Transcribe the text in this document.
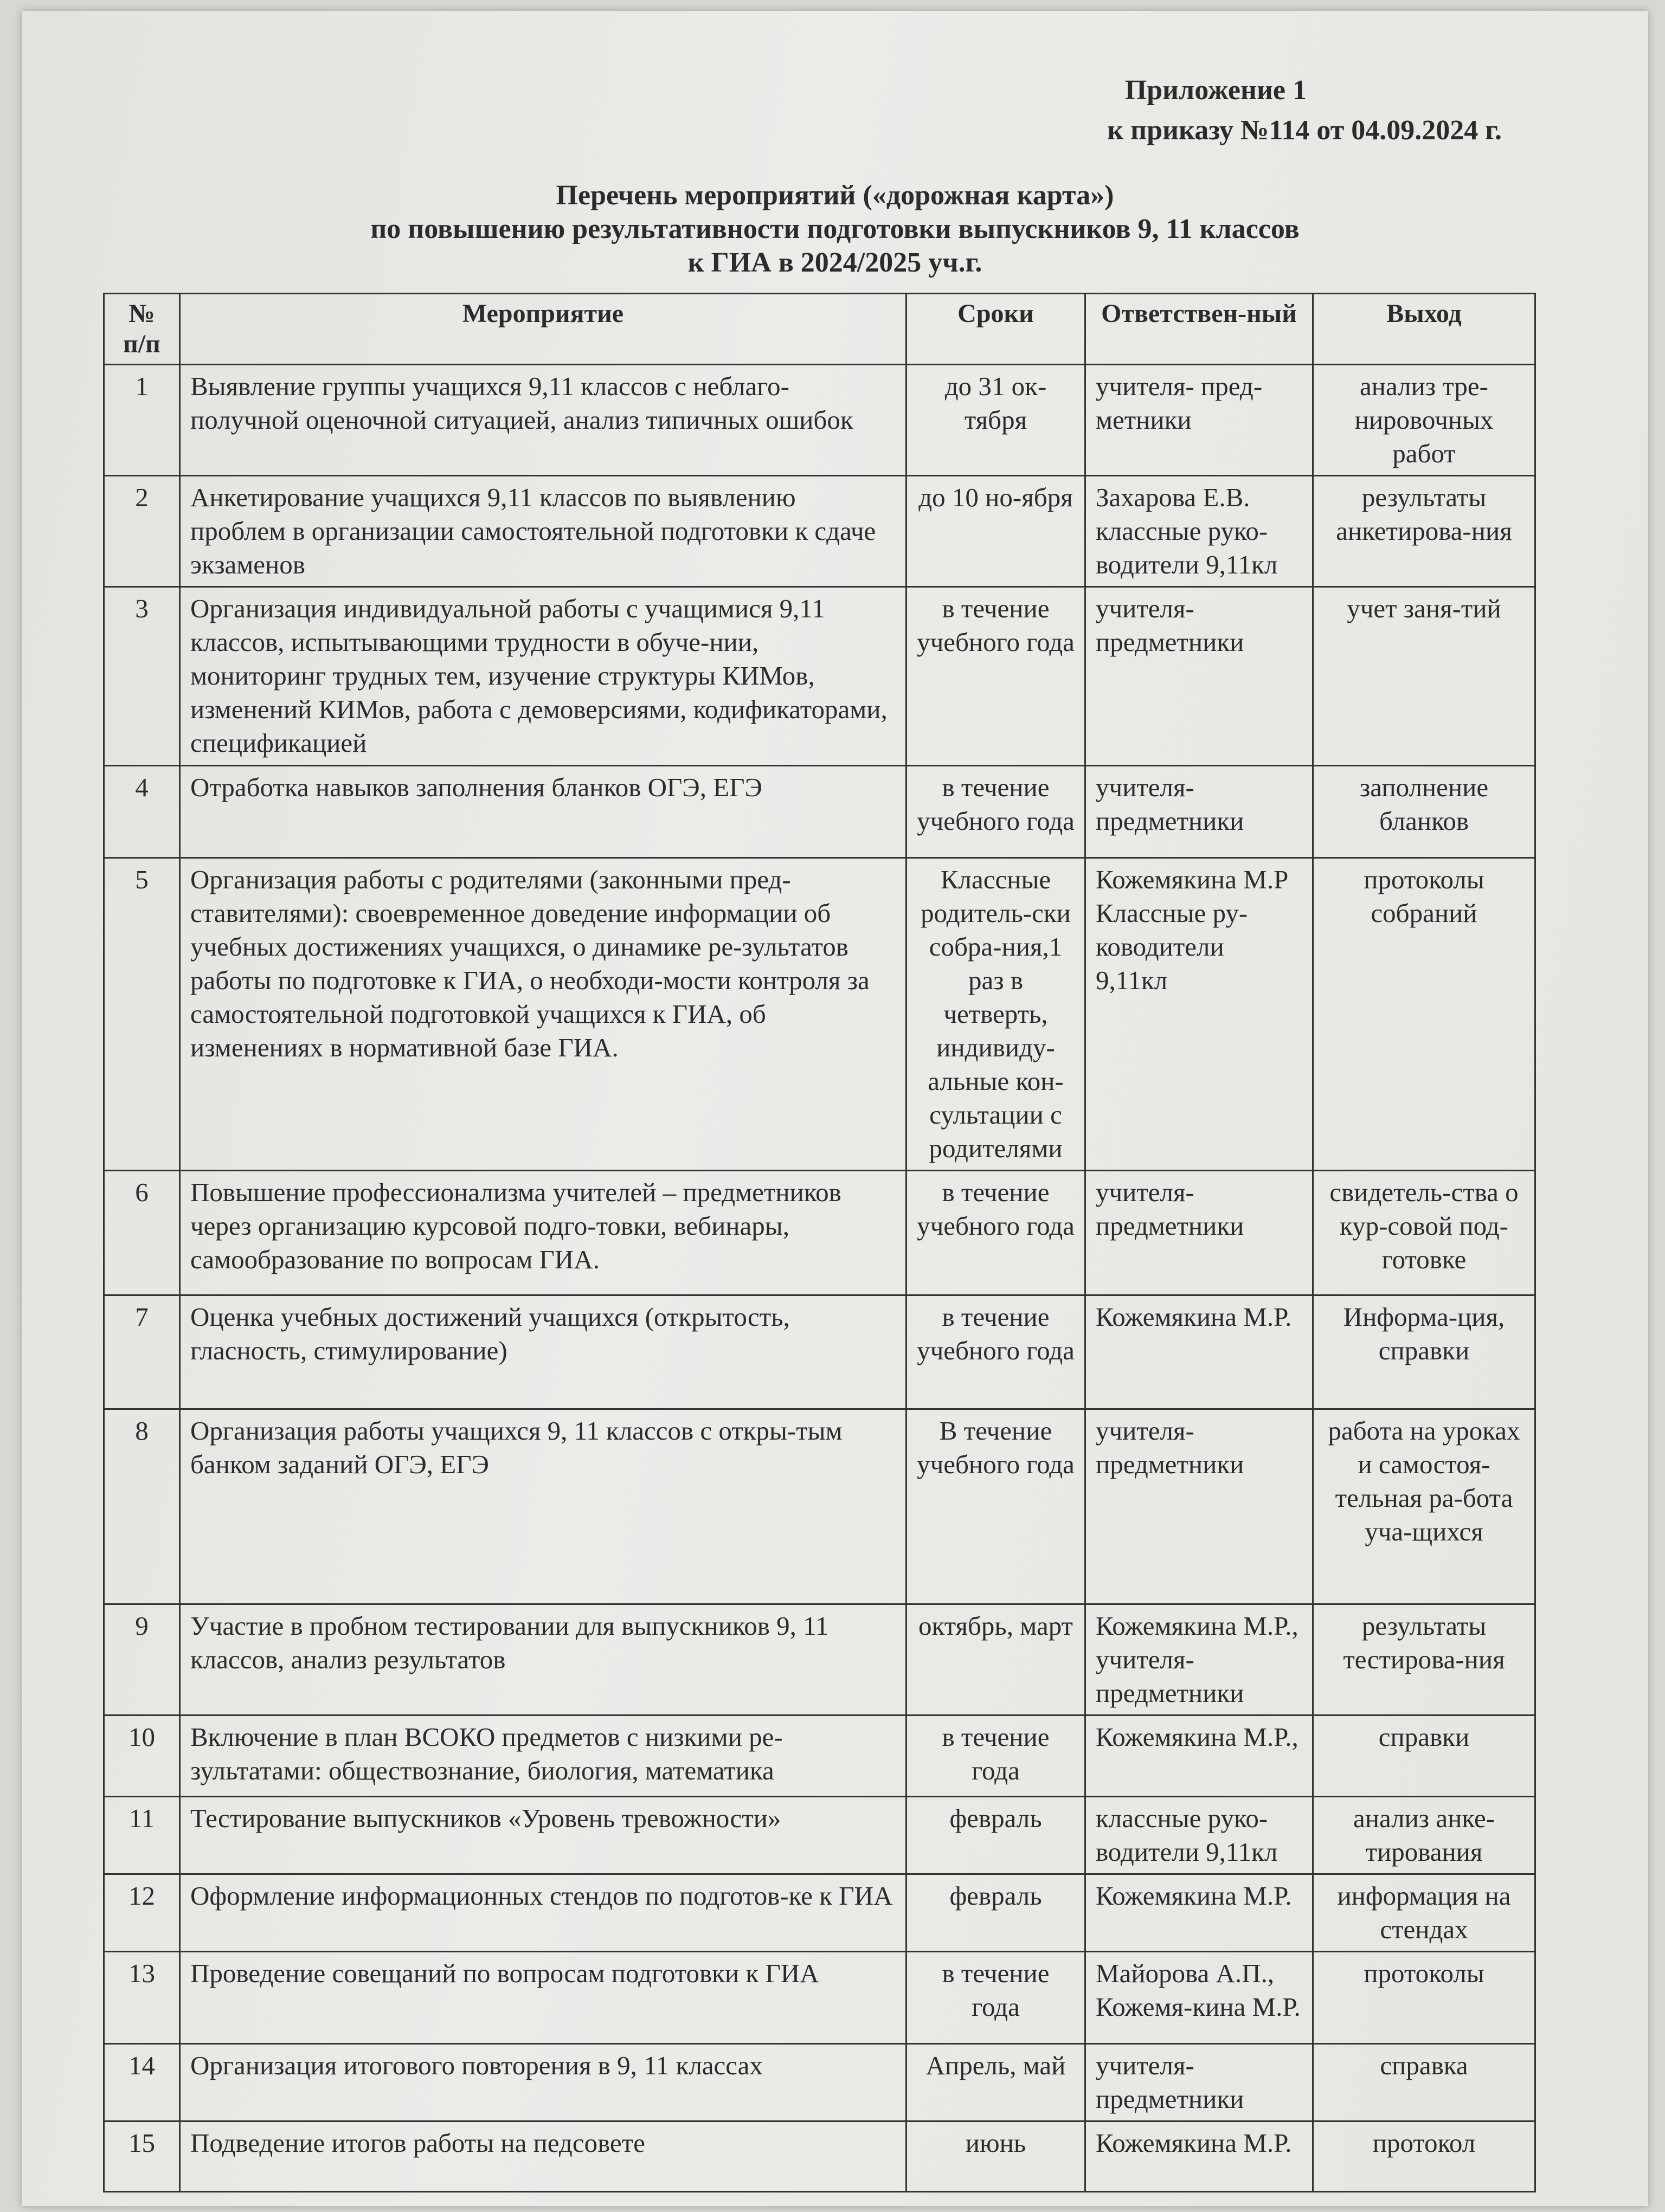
Приложение 1
к приказу №114 от 04.09.2024 г.
Перечень мероприятий («дорожная карта»)
по повышению результативности подготовки выпускников 9, 11 классов
к ГИА в 2024/2025 уч.г.
№ п/п	Мероприятие	Сроки	Ответствен-ный	Выход
1	Выявление группы учащихся 9,11 классов с неблаго-получной оценочной ситуацией, анализ типичных ошибок	до 31 ок-тября	учителя- пред-метники	анализ тре-нировочных работ
2	Анкетирование учащихся 9,11 классов по выявлению проблем в организации самостоятельной подготовки к сдаче экзаменов	до 10 но-ября	Захарова Е.В. классные руко-водители 9,11кл	результаты анкетирова-ния
3	Организация индивидуальной работы с учащимися 9,11 классов, испытывающими трудности в обуче-нии, мониторинг трудных тем, изучение структуры КИМов, изменений КИМов, работа с демоверсиями, кодификаторами, спецификацией	в течение учебного года	учителя-предметники	учет заня-тий
4	Отработка навыков заполнения бланков ОГЭ, ЕГЭ	в течение учебного года	учителя-предметники	заполнение бланков
5	Организация работы с родителями (законными пред-ставителями): своевременное доведение информации об учебных достижениях учащихся, о динамике ре-зультатов работы по подготовке к ГИА, о необходи-мости контроля за самостоятельной подготовкой учащихся к ГИА, об изменениях в нормативной базе ГИА.	Классные родитель-ски собра-ния,1 раз в четверть, индивиду-альные кон-сультации с родителями	Кожемякина М.Р Классные ру-ководители 9,11кл	протоколы собраний
6	Повышение профессионализма учителей – предметников через организацию курсовой подго-товки, вебинары, самообразование по вопросам ГИА.	в течение учебного года	учителя-предметники	свидетель-ства о кур-совой под-готовке
7	Оценка учебных достижений учащихся (открытость, гласность, стимулирование)	в течение учебного года	Кожемякина М.Р.	Информа-ция, справки
8	Организация работы учащихся 9, 11 классов с откры-тым банком заданий ОГЭ, ЕГЭ	В течение учебного года	учителя-предметники	работа на уроках и самостоя-тельная ра-бота уча-щихся
9	Участие в пробном тестировании для выпускников 9, 11 классов, анализ результатов	октябрь, март	Кожемякина М.Р., учителя-предметники	результаты тестирова-ния
10	Включение в план ВСОКО предметов с низкими ре-зультатами: обществознание, биология, математика	в течение года	Кожемякина М.Р.,	справки
11	Тестирование выпускников «Уровень тревожности»	февраль	классные руко-водители 9,11кл	анализ анке-тирования
12	Оформление информационных стендов по подготов-ке к ГИА	февраль	Кожемякина М.Р.	информация на стендах
13	Проведение совещаний по вопросам подготовки к ГИА	в течение года	Майорова А.П., Кожемя-кина М.Р.	протоколы
14	Организация итогового повторения в 9, 11 классах	Апрель, май	учителя-предметники	справка
15	Подведение итогов работы на педсовете	июнь	Кожемякина М.Р.	протокол
